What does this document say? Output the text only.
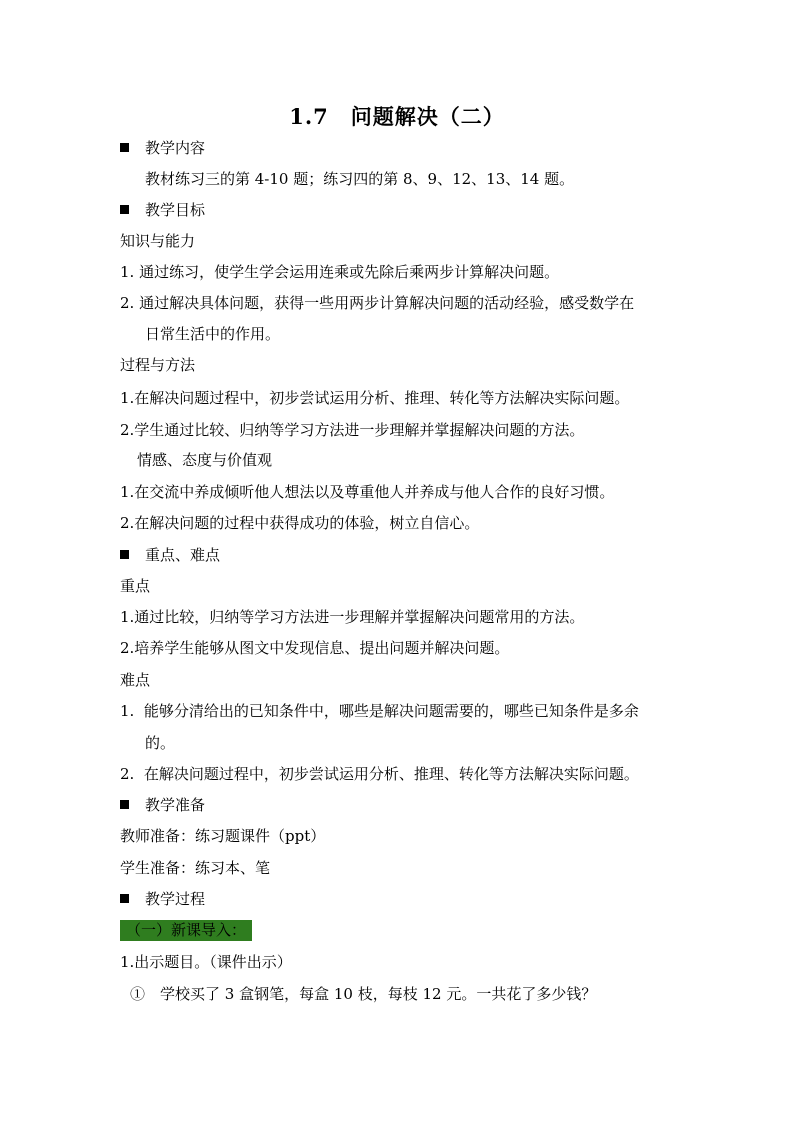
1.7　问题解决（二）
教学内容
教材练习三的第 4-10 题；练习四的第 8、9、12、13、14 题。
教学目标
知识与能力
1. 通过练习，使学生学会运用连乘或先除后乘两步计算解决问题。
2. 通过解决具体问题，获得一些用两步计算解决问题的活动经验，感受数学在
日常生活中的作用。
过程与方法
1.在解决问题过程中，初步尝试运用分析、推理、转化等方法解决实际问题。
2.学生通过比较、归纳等学习方法进一步理解并掌握解决问题的方法。
情感、态度与价值观
1.在交流中养成倾听他人想法以及尊重他人并养成与他人合作的良好习惯。
2.在解决问题的过程中获得成功的体验，树立自信心。
重点、难点
重点
1.通过比较，归纳等学习方法进一步理解并掌握解决问题常用的方法。
2.培养学生能够从图文中发现信息、提出问题并解决问题。
难点
1.  能够分清给出的已知条件中，哪些是解决问题需要的，哪些已知条件是多余
的。
2.  在解决问题过程中，初步尝试运用分析、推理、转化等方法解决实际问题。
教学准备
教师准备：练习题课件（ppt）
学生准备：练习本、笔
教学过程
（一）新课导入：
1.出示题目。（课件出示）
①　学校买了 3 盒钢笔，每盒 10 枝，每枝 12 元。一共花了多少钱？
